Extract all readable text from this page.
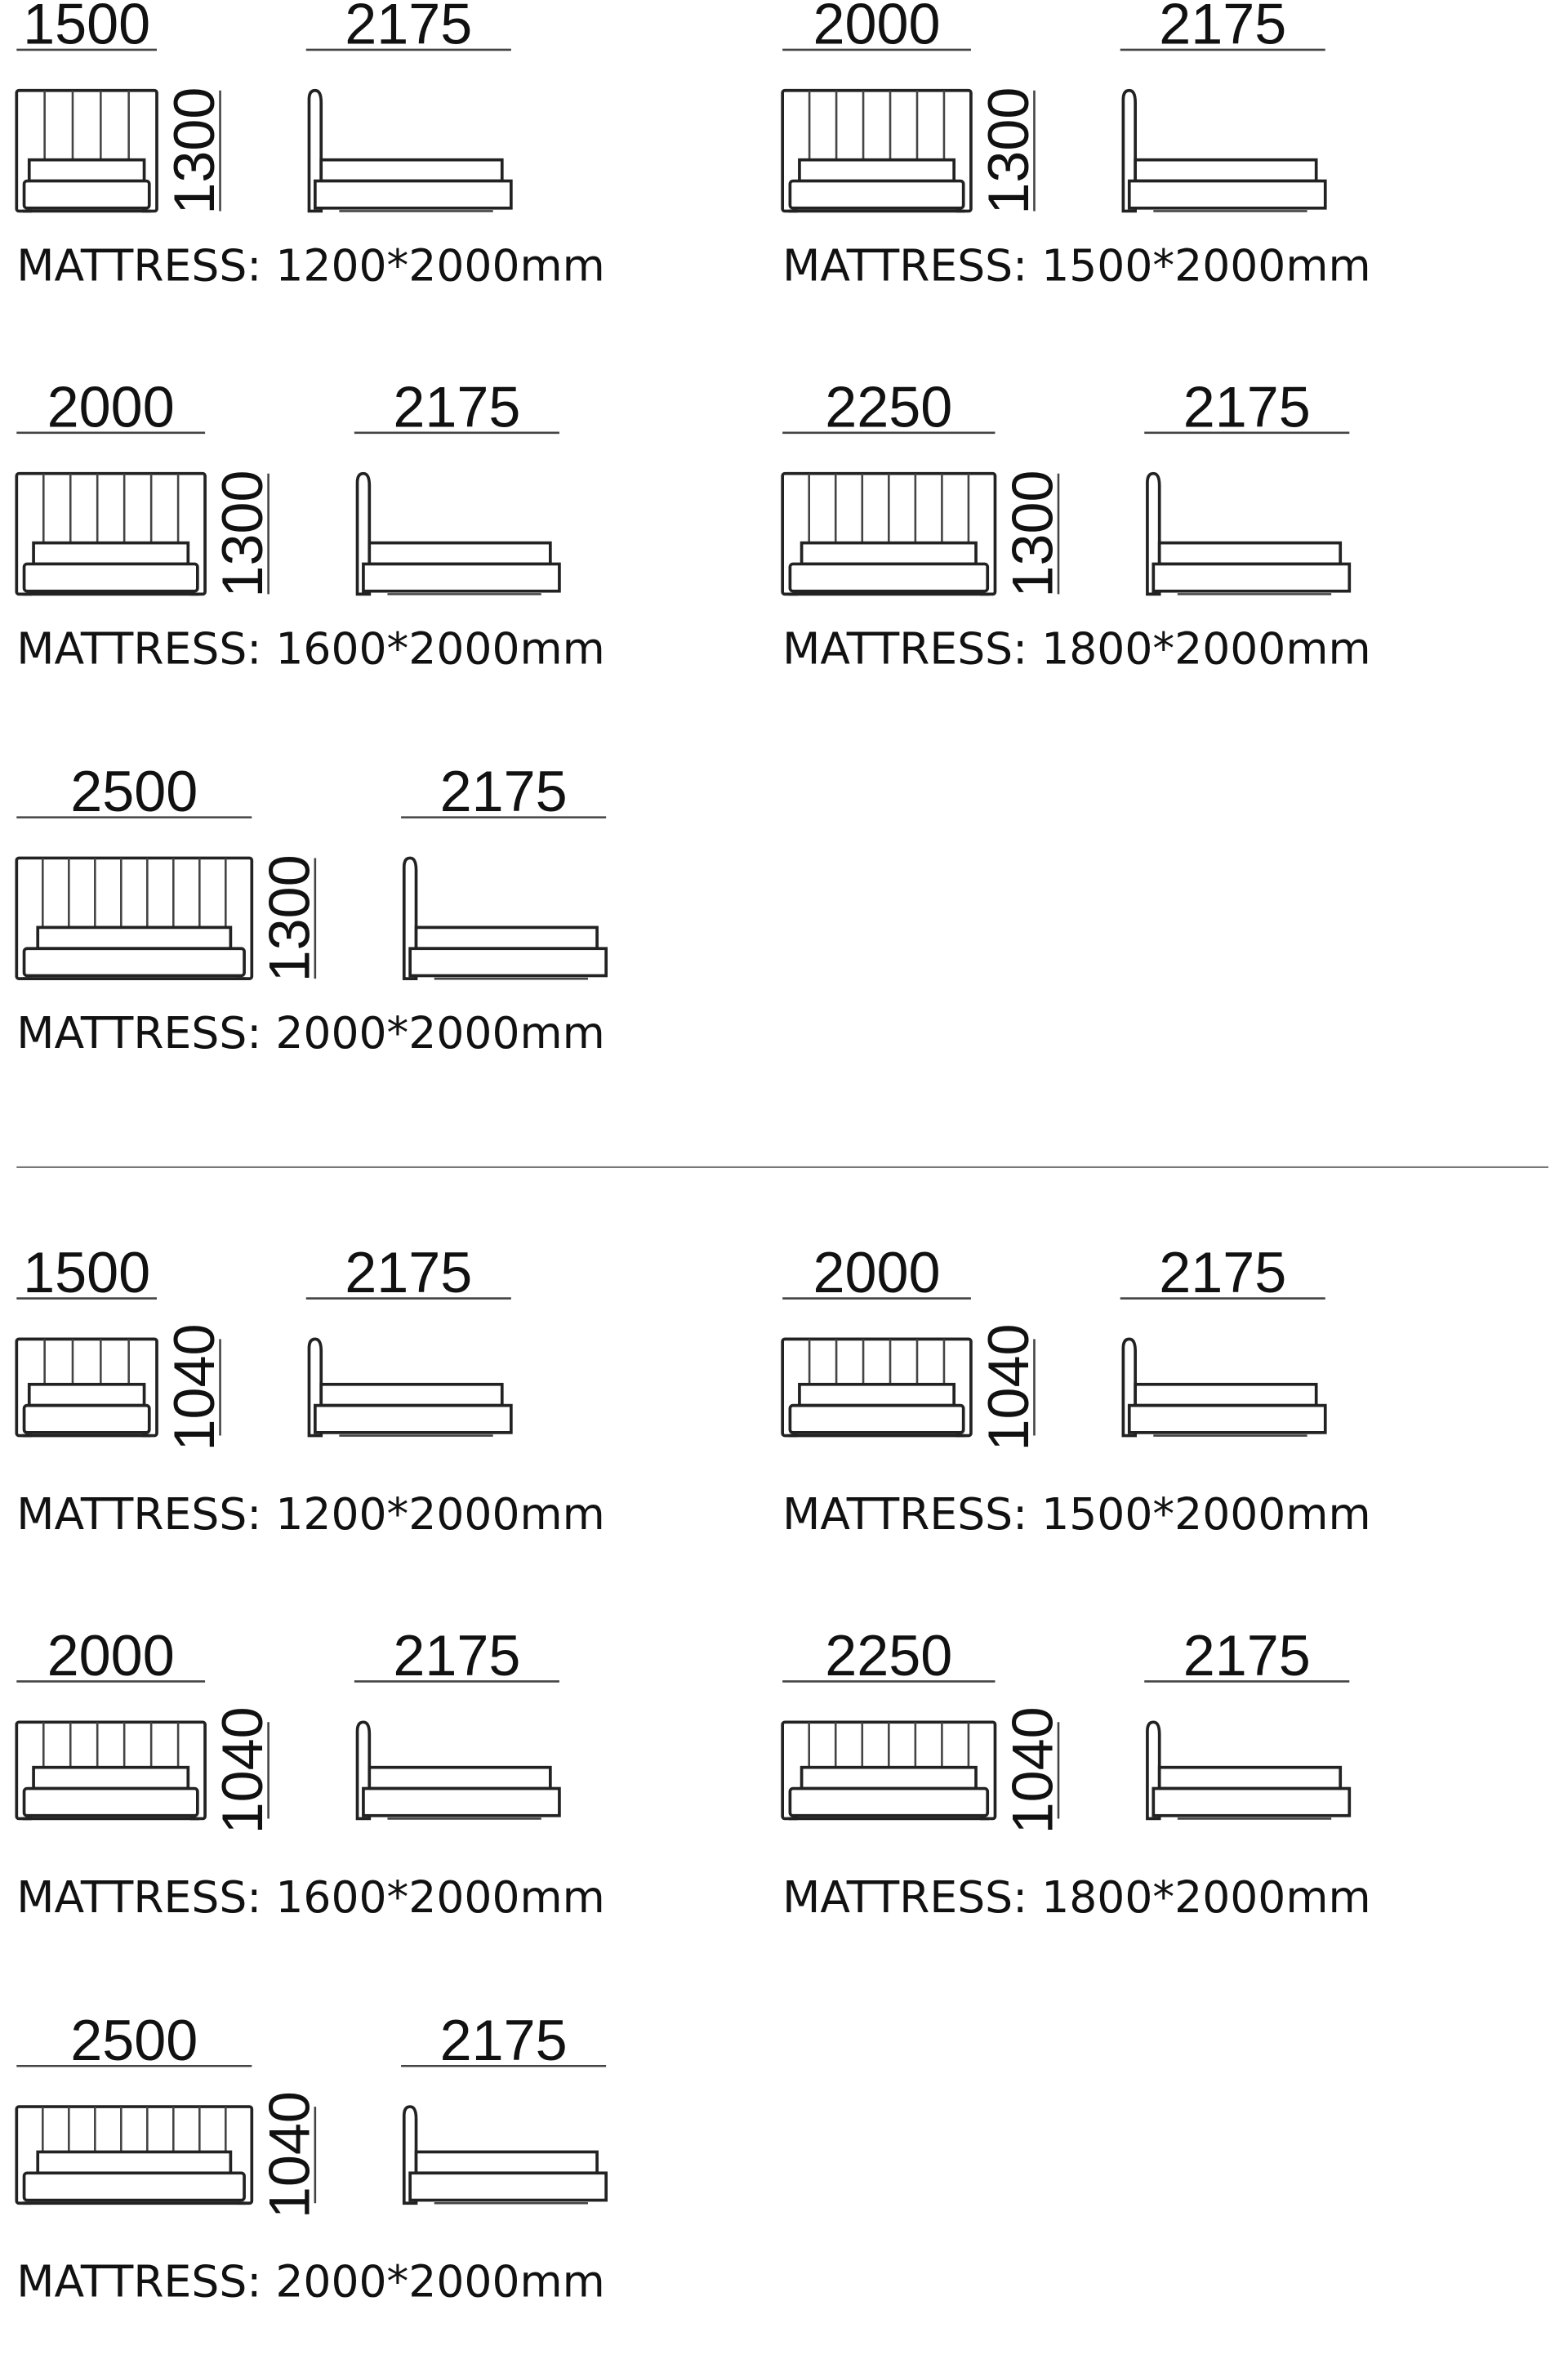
1500
1300
2175
MATTRESS: 1200*2000mm
2000
1300
2175
MATTRESS: 1500*2000mm
2000
1300
2175
MATTRESS: 1600*2000mm
2250
1300
2175
MATTRESS: 1800*2000mm
2500
1300
2175
MATTRESS: 2000*2000mm
1500
1040
2175
MATTRESS: 1200*2000mm
2000
1040
2175
MATTRESS: 1500*2000mm
2000
1040
2175
MATTRESS: 1600*2000mm
2250
1040
2175
MATTRESS: 1800*2000mm
2500
1040
2175
MATTRESS: 2000*2000mm
